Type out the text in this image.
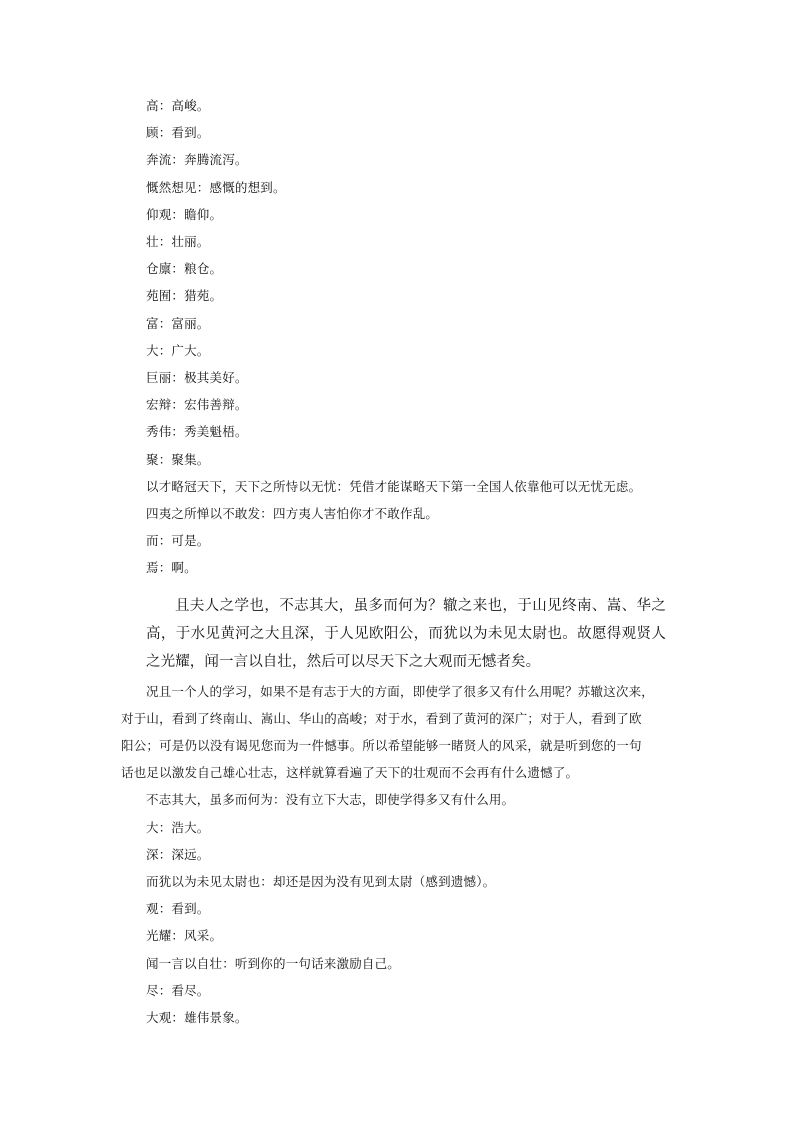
高：高峻。
顾：看到。
奔流：奔腾流泻。
慨然想见：感慨的想到。
仰观：瞻仰。
壮：壮丽。
仓廪：粮仓。
苑囿：猎苑。
富：富丽。
大：广大。
巨丽：极其美好。
宏辩：宏伟善辩。
秀伟：秀美魁梧。
聚：聚集。
以才略冠天下，天下之所恃以无忧：凭借才能谋略天下第一全国人依靠他可以无忧无虑。
四夷之所惮以不敢发：四方夷人害怕你才不敢作乱。
而：可是。
焉：啊。

且夫人之学也，不志其大，虽多而何为？辙之来也，于山见终南、嵩、华之高，于水见黄河之大且深，于人见欧阳公，而犹以为未见太尉也。故愿得观贤人之光耀，闻一言以自壮，然后可以尽天下之大观而无憾者矣。

况且一个人的学习，如果不是有志于大的方面，即使学了很多又有什么用呢？苏辙这次来，
对于山，看到了终南山、嵩山、华山的高峻；对于水，看到了黄河的深广；对于人，看到了欧
阳公；可是仍以没有谒见您而为一件憾事。所以希望能够一睹贤人的风采，就是听到您的一句
话也足以激发自己雄心壮志，这样就算看遍了天下的壮观而不会再有什么遗憾了。
不志其大，虽多而何为：没有立下大志，即使学得多又有什么用。
大：浩大。
深：深远。
而犹以为未见太尉也：却还是因为没有见到太尉（感到遗憾）。
观：看到。
光耀：风采。
闻一言以自壮：听到你的一句话来激励自己。
尽：看尽。
大观：雄伟景象。
